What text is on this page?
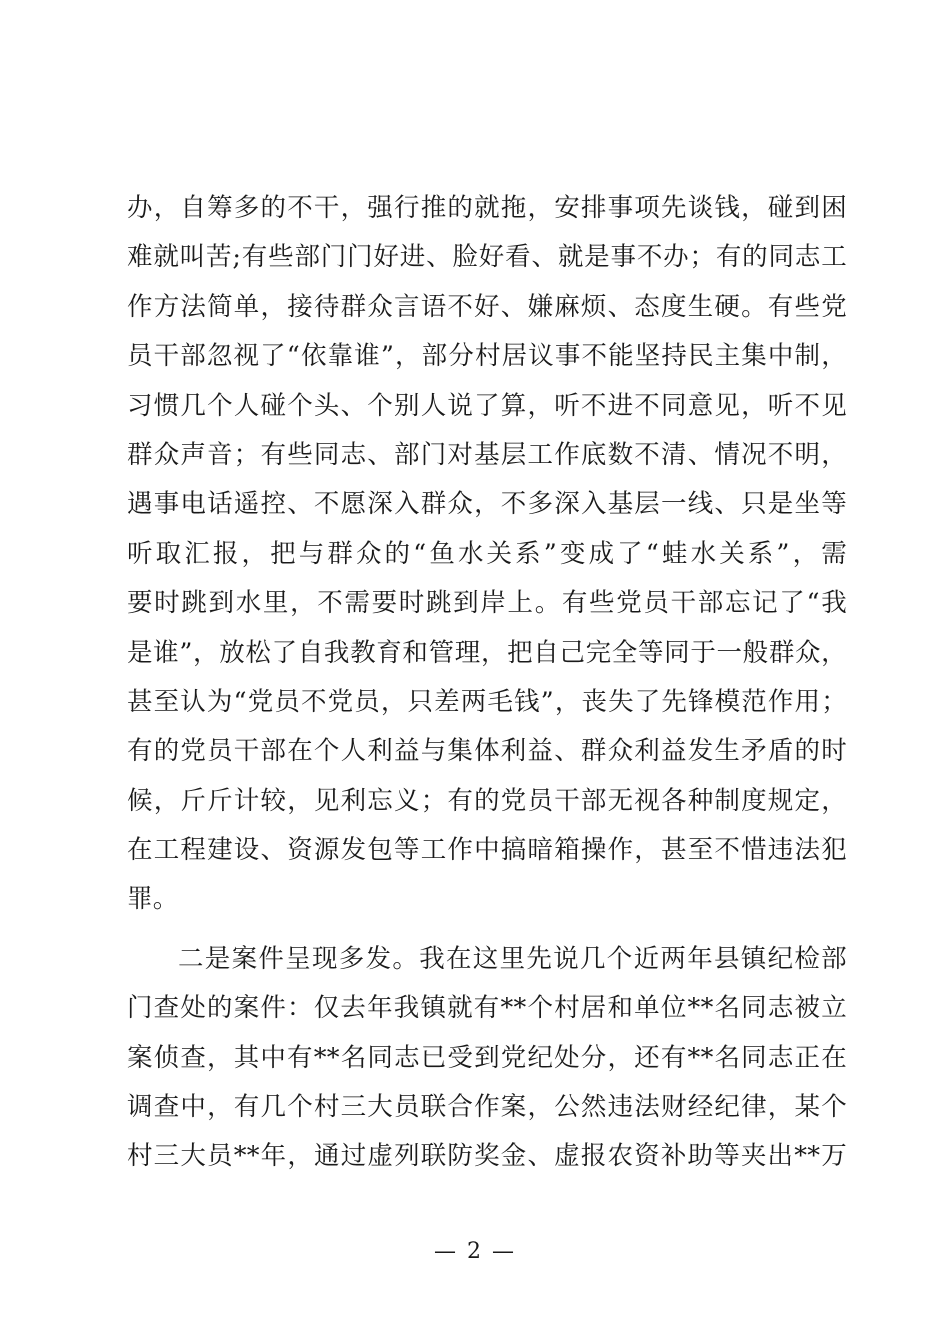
办，自筹多的不干，强行推的就拖，安排事项先谈钱，碰到困
难就叫苦;有些部门门好进、脸好看、就是事不办；有的同志工
作方法简单，接待群众言语不好、嫌麻烦、态度生硬。有些党
员干部忽视了“依靠谁”，部分村居议事不能坚持民主集中制，
习惯几个人碰个头、个别人说了算，听不进不同意见，听不见
群众声音；有些同志、部门对基层工作底数不清、情况不明，
遇事电话遥控、不愿深入群众，不多深入基层一线、只是坐等
听取汇报，把与群众的“鱼水关系”变成了“蛙水关系”，需
要时跳到水里，不需要时跳到岸上。有些党员干部忘记了“我
是谁”，放松了自我教育和管理，把自己完全等同于一般群众，
甚至认为“党员不党员，只差两毛钱”，丧失了先锋模范作用；
有的党员干部在个人利益与集体利益、群众利益发生矛盾的时
候，斤斤计较，见利忘义；有的党员干部无视各种制度规定，
在工程建设、资源发包等工作中搞暗箱操作，甚至不惜违法犯
罪。
二是案件呈现多发。我在这里先说几个近两年县镇纪检部
门查处的案件：仅去年我镇就有**个村居和单位**名同志被立
案侦查，其中有**名同志已受到党纪处分，还有**名同志正在
调查中，有几个村三大员联合作案，公然违法财经纪律，某个
村三大员**年，通过虚列联防奖金、虚报农资补助等夹出**万
— 2 —
